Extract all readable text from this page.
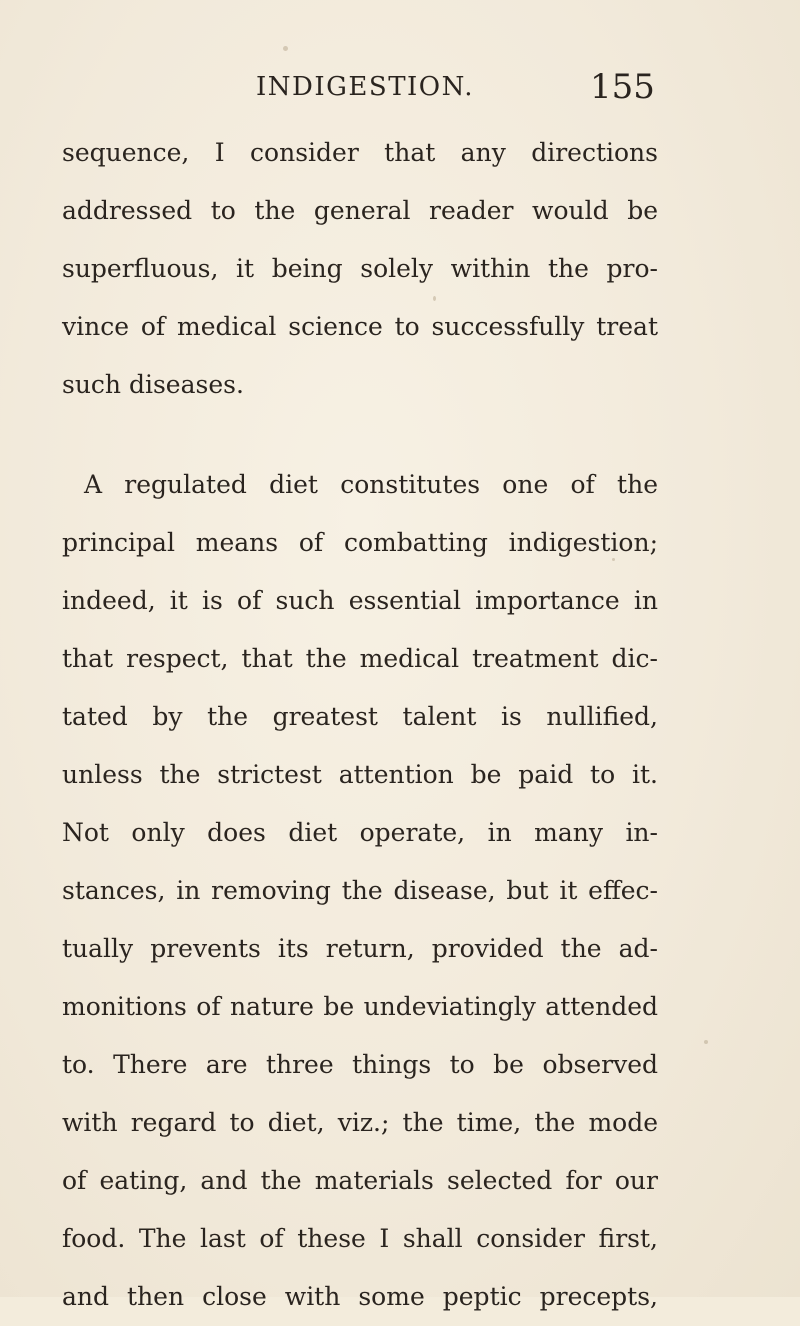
INDIGESTION.	155
sequence, I consider that any directions
addressed to the general reader would be
superfluous, it being solely within the pro-
vince of medical science to successfully treat
such diseases.
A regulated diet constitutes one of the
principal means of combatting indigestion;
indeed, it is of such essential importance in
that respect, that the medical treatment dic-
tated by the greatest talent is nullified,
unless the strictest attention be paid to it.
Not only does diet operate, in many in-
stances, in removing the disease, but it effec-
tually prevents its return, provided the ad-
monitions of nature be undeviatingly attended
to. There are three things to be observed
with regard to diet, viz.; the time, the mode
of eating, and the materials selected for our
food. The last of these I shall consider first,
and then close with some peptic precepts,
